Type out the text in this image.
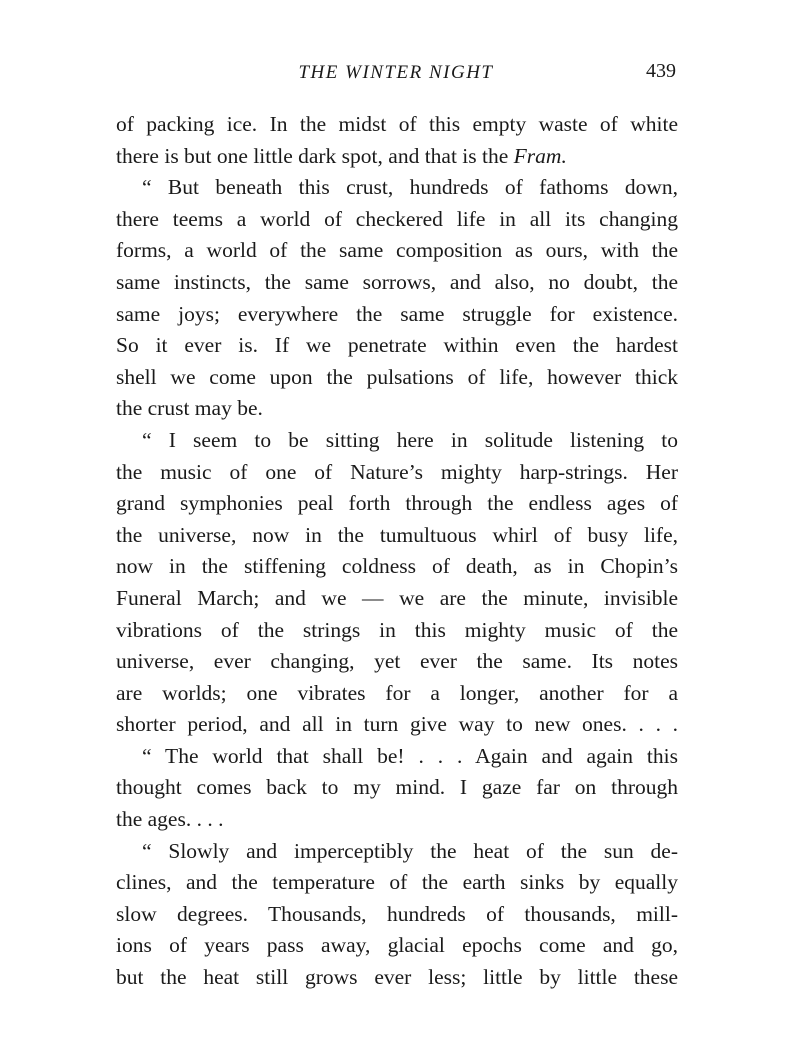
THE WINTER NIGHT	439
of packing ice. In the midst of this empty waste of white
there is but one little dark spot, and that is the Fram.
“ But beneath this crust, hundreds of fathoms down,
there teems a world of checkered life in all its changing
forms, a world of the same composition as ours, with the
same instincts, the same sorrows, and also, no doubt, the
same joys; everywhere the same struggle for existence.
So it ever is. If we penetrate within even the hardest
shell we come upon the pulsations of life, however thick
the crust may be.
“ I seem to be sitting here in solitude listening to
the music of one of Nature’s mighty harp-strings. Her
grand symphonies peal forth through the endless ages of
the universe, now in the tumultuous whirl of busy life,
now in the stiffening coldness of death, as in Chopin’s
Funeral March; and we — we are the minute, invisible
vibrations of the strings in this mighty music of the
universe, ever changing, yet ever the same. Its notes
are worlds; one vibrates for a longer, another for a
shorter period, and all in turn give way to new ones. . . .
“ The world that shall be! . . . Again and again this
thought comes back to my mind. I gaze far on through
the ages. . . .
“ Slowly and imperceptibly the heat of the sun de-
clines, and the temperature of the earth sinks by equally
slow degrees. Thousands, hundreds of thousands, mill-
ions of years pass away, glacial epochs come and go,
but the heat still grows ever less; little by little these
